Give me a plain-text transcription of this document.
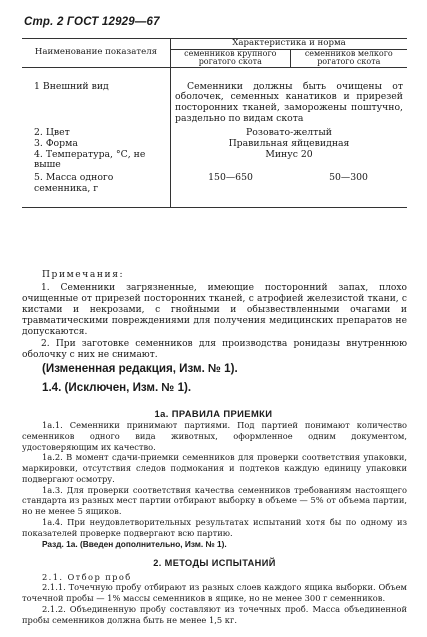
Стр. 2 ГОСТ 12929—67
Наименование показателя	Характеристика и норма	
	семенников крупного рогатого скота	семенников мелкого рогатого скота
1 Внешний вид	Семенники должны быть очищены от оболочек, семенных канатиков и прирезей посторонних тканей, заморожены поштучно, раздельно по видам скота	
2. Цвет	Розовато-желтый	
3. Форма	Правильная яйцевидная	
4. Температура, °С, не выше	Минус 20	
5. Масса одного семенника, г	150—650	50—300
Примечания:
1. Семенники загрязненные, имеющие посторонний запах, плохо очищенные от прирезей посторонних тканей, с атрофией железистой ткани, с кистами и некрозами, с гнойными и обызвествленными очагами и травматическими повреждениями для получения медицинских препаратов не допускаются.
2. При заготовке семенников для производства ронидазы внутреннюю оболочку с них не снимают.
(Измененная редакция, Изм. № 1).
1.4. (Исключен, Изм. № 1).
1а. ПРАВИЛА ПРИЕМКИ
1а.1. Семенники принимают партиями. Под партией понимают количество семенников одного вида животных, оформленное одним документом, удостоверяющим их качество.
1а.2. В момент сдачи-приемки семенников для проверки соответствия упаковки, маркировки, отсутствия следов подмокания и подтеков каждую единицу упаковки подвергают осмотру.
1а.3. Для проверки соответствия качества семенников требованиям настоящего стандарта из разных мест партии отбирают выборку в объеме — 5% от объема партии, но не менее 5 ящиков.
1а.4. При неудовлетворительных результатах испытаний хотя бы по одному из показателей проверке подвергают всю партию.
Разд. 1а. (Введен дополнительно, Изм. № 1).
2. МЕТОДЫ ИСПЫТАНИЙ
2.1. Отбор проб
2.1.1. Точечную пробу отбирают из разных слоев каждого ящика выборки. Объем точечной пробы — 1% массы семенников в ящике, но не менее 300 г семенников.
2.1.2. Объединенную пробу составляют из точечных проб. Масса объединенной пробы семенников должна быть не менее 1,5 кг.
